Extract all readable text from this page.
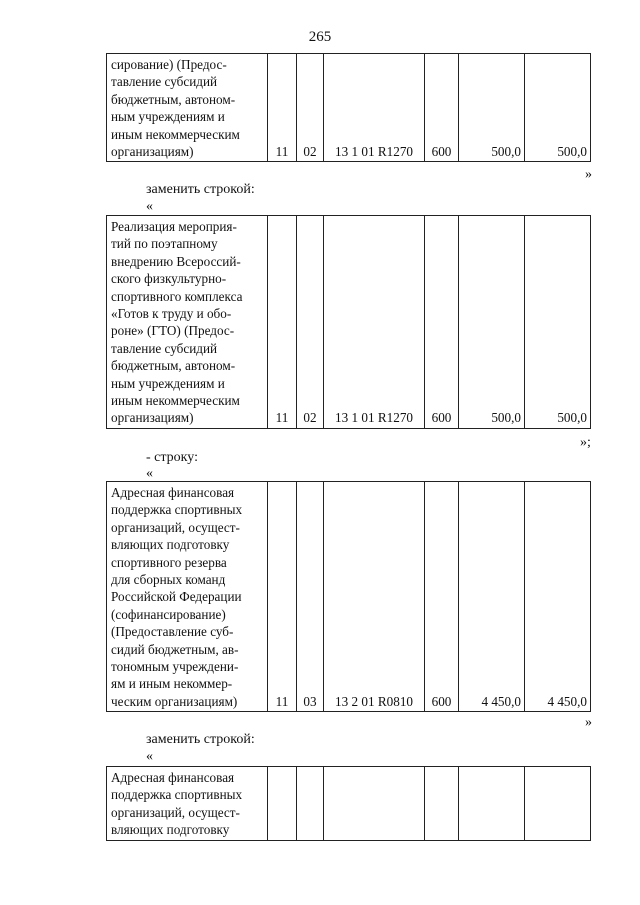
265
сирование) (Предос-
тавление субсидий
бюджетным, автоном-
ным учреждениям и
иным некоммерческим
организациям)	11	02	13 1 01 R1270	600	500,0	500,0
»
заменить строкой:
«
Реализация мероприя-
тий по поэтапному
внедрению Всероссий-
ского физкультурно-
спортивного комплекса
«Готов к труду и обо-
роне» (ГТО) (Предос-
тавление субсидий
бюджетным, автоном-
ным учреждениям и
иным некоммерческим
организациям)	11	02	13 1 01 R1270	600	500,0	500,0
»;
- строку:
«
Адресная финансовая
поддержка спортивных
организаций, осущест-
вляющих подготовку
спортивного резерва
для сборных команд
Российской Федерации
(софинансирование)
(Предоставление суб-
сидий бюджетным, ав-
тономным учреждени-
ям и иным некоммер-
ческим организациям)	11	03	13 2 01 R0810	600	4 450,0	4 450,0
»
заменить строкой:
«
Адресная финансовая
поддержка спортивных
организаций, осущест-
вляющих подготовку
